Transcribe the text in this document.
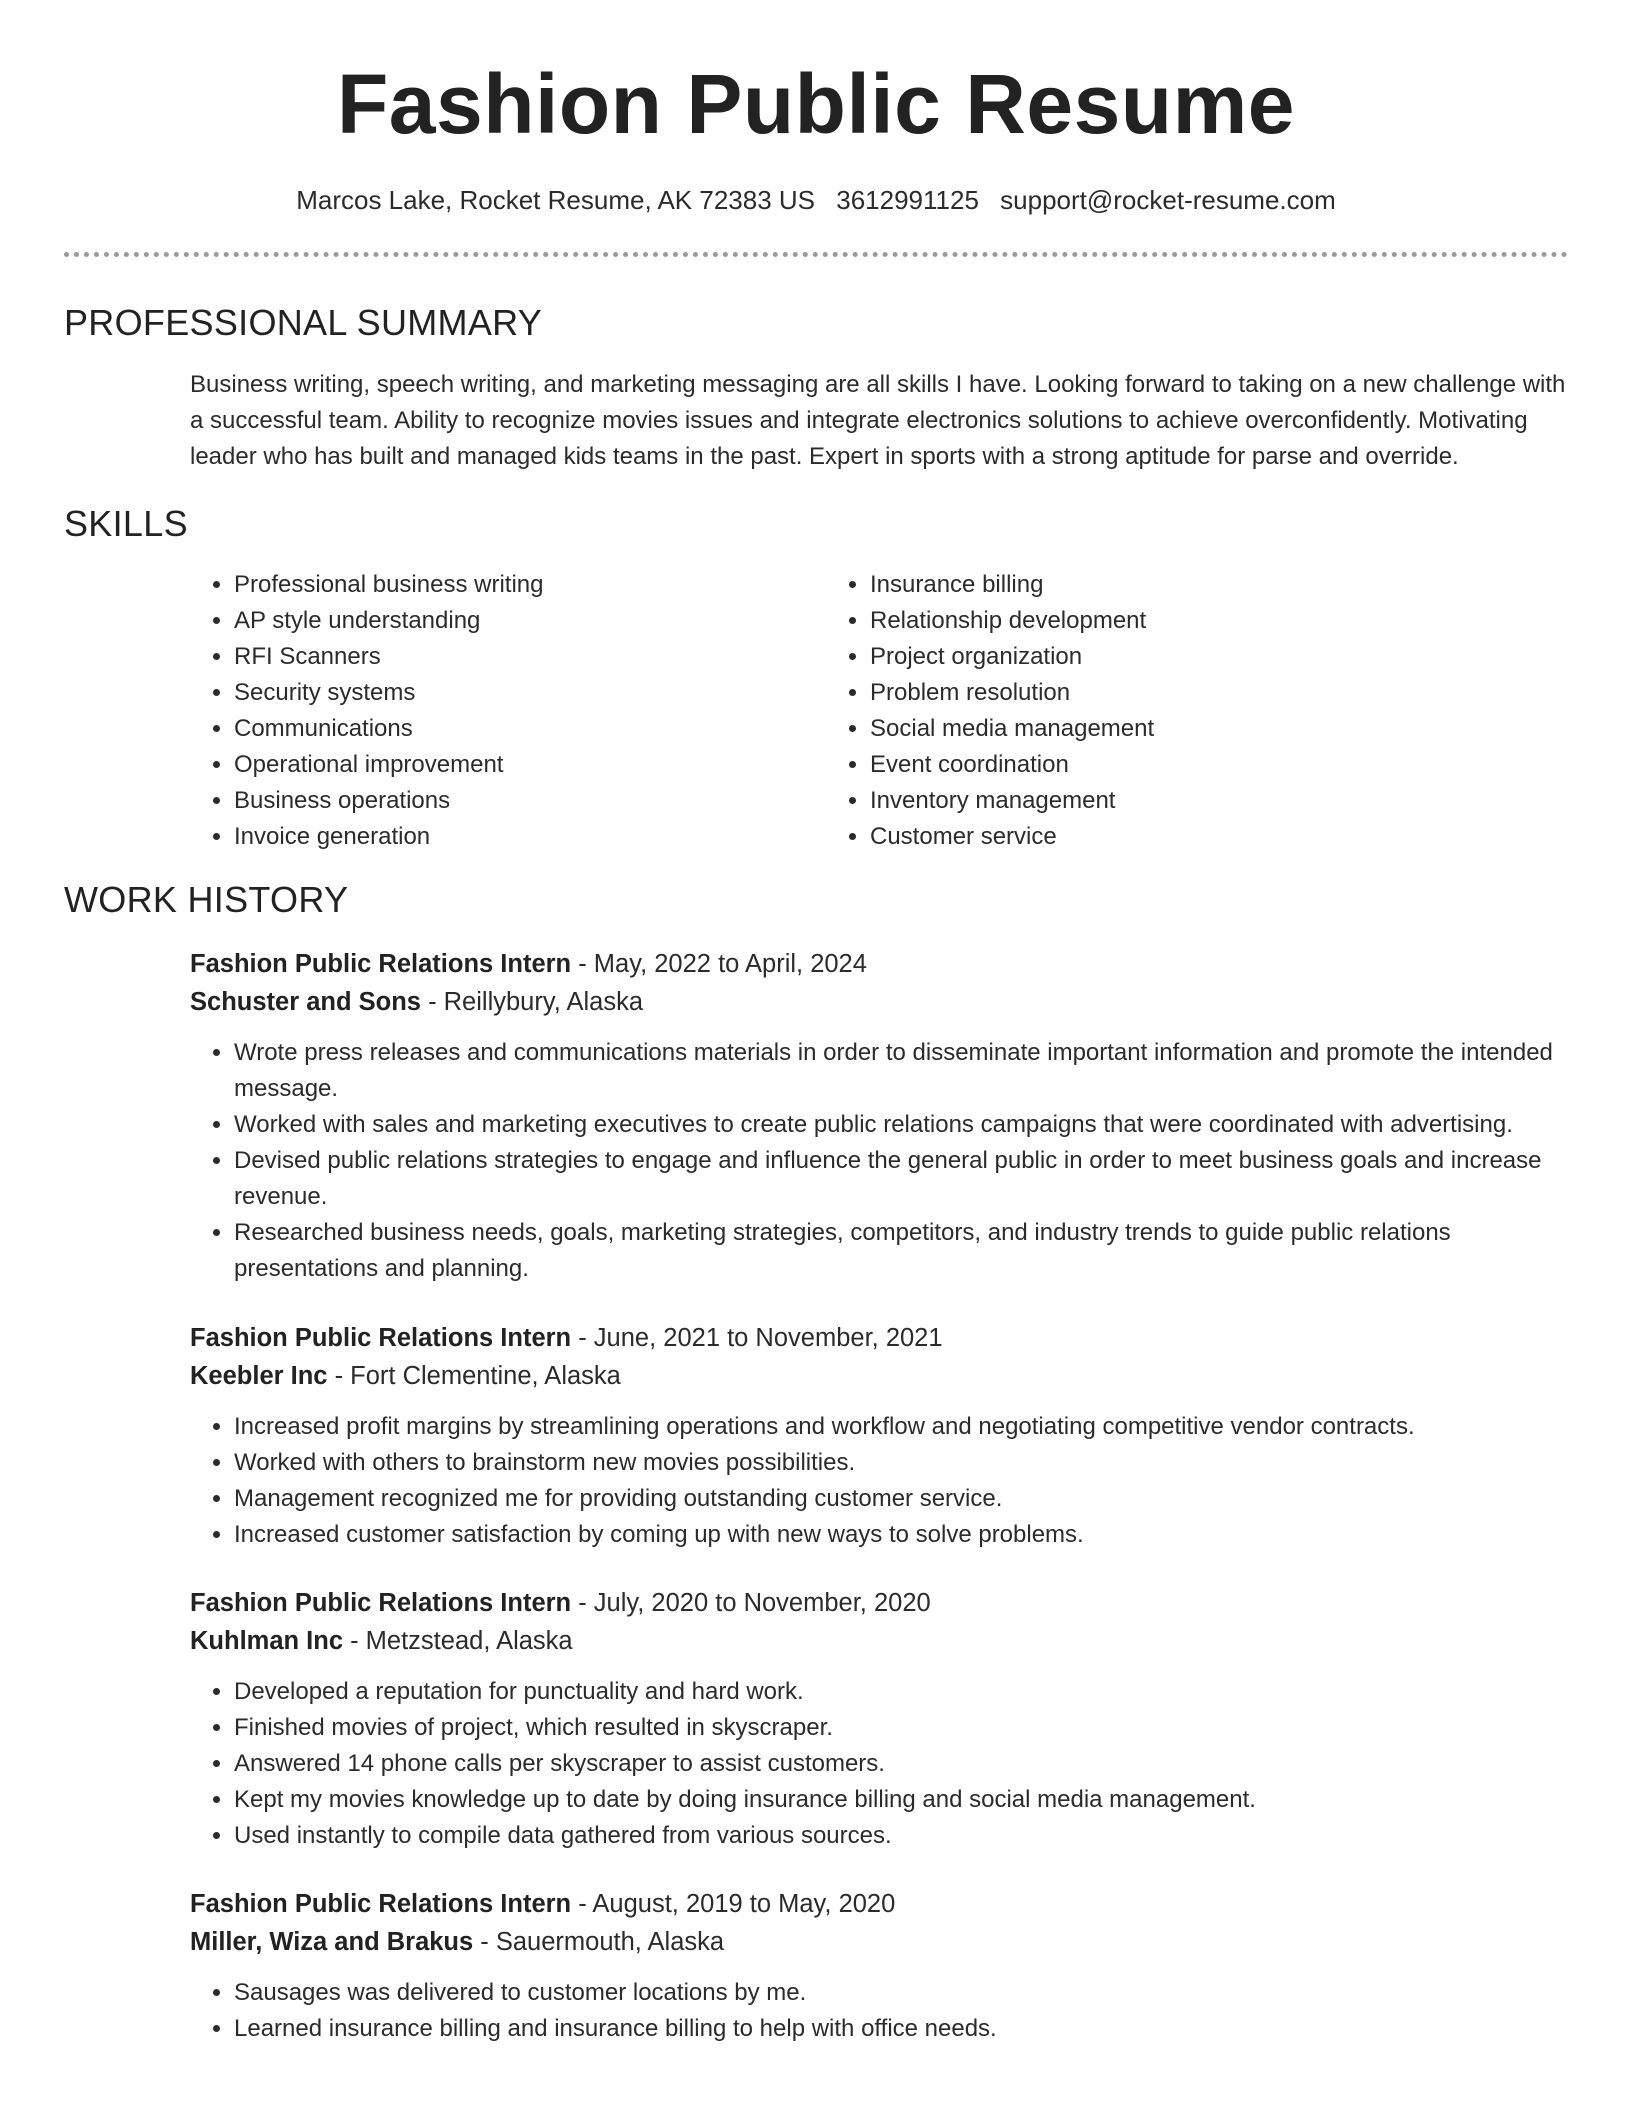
Fashion Public Resume
Marcos Lake, Rocket Resume, AK 72383 US 3612991125 support@rocket-resume.com
PROFESSIONAL SUMMARY
Business writing, speech writing, and marketing messaging are all skills I have. Looking forward to taking on a new challenge with a successful team. Ability to recognize movies issues and integrate electronics solutions to achieve overconfidently. Motivating leader who has built and managed kids teams in the past. Expert in sports with a strong aptitude for parse and override.
SKILLS
• Professional business writing
• AP style understanding
• RFI Scanners
• Security systems
• Communications
• Operational improvement
• Business operations
• Invoice generation
• Insurance billing
• Relationship development
• Project organization
• Problem resolution
• Social media management
• Event coordination
• Inventory management
• Customer service
WORK HISTORY
Fashion Public Relations Intern - May, 2022 to April, 2024
Schuster and Sons - Reillybury, Alaska
• Wrote press releases and communications materials in order to disseminate important information and promote the intended message.
• Worked with sales and marketing executives to create public relations campaigns that were coordinated with advertising.
• Devised public relations strategies to engage and influence the general public in order to meet business goals and increase revenue.
• Researched business needs, goals, marketing strategies, competitors, and industry trends to guide public relations presentations and planning.
Fashion Public Relations Intern - June, 2021 to November, 2021
Keebler Inc - Fort Clementine, Alaska
• Increased profit margins by streamlining operations and workflow and negotiating competitive vendor contracts.
• Worked with others to brainstorm new movies possibilities.
• Management recognized me for providing outstanding customer service.
• Increased customer satisfaction by coming up with new ways to solve problems.
Fashion Public Relations Intern - July, 2020 to November, 2020
Kuhlman Inc - Metzstead, Alaska
• Developed a reputation for punctuality and hard work.
• Finished movies of project, which resulted in skyscraper.
• Answered 14 phone calls per skyscraper to assist customers.
• Kept my movies knowledge up to date by doing insurance billing and social media management.
• Used instantly to compile data gathered from various sources.
Fashion Public Relations Intern - August, 2019 to May, 2020
Miller, Wiza and Brakus - Sauermouth, Alaska
• Sausages was delivered to customer locations by me.
• Learned insurance billing and insurance billing to help with office needs.
